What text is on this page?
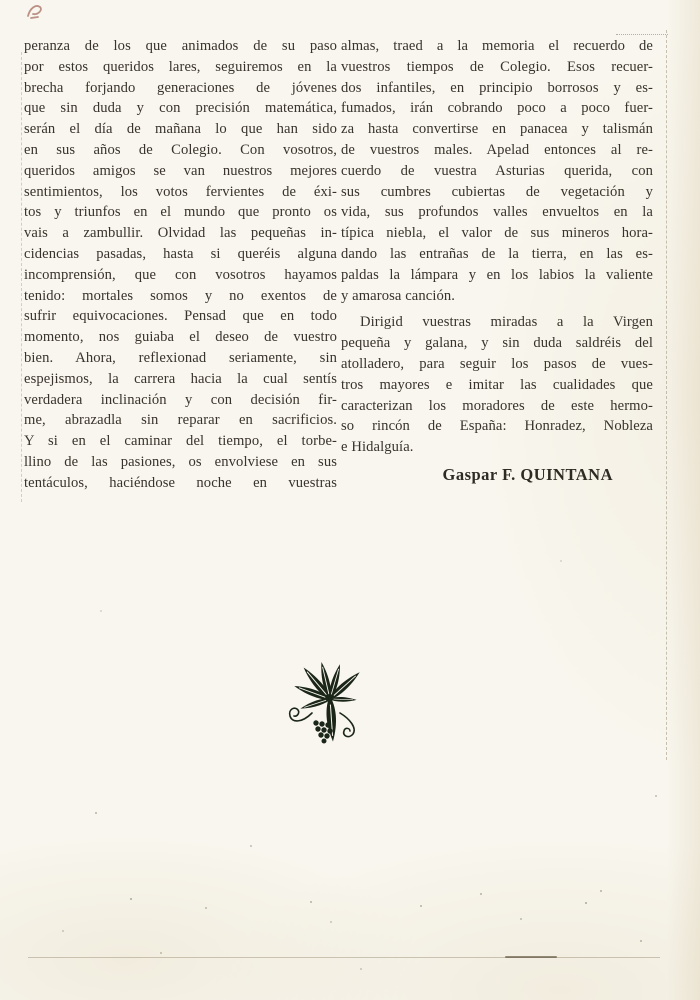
peranza de los que animados de su paso
por estos queridos lares, seguiremos en la
brecha forjando generaciones de jóvenes
que sin duda y con precisión matemática,
serán el día de mañana lo que han sido
en sus años de Colegio. Con vosotros,
queridos amigos se van nuestros mejores
sentimientos, los votos fervientes de éxi-
tos y triunfos en el mundo que pronto os
vais a zambullir. Olvidad las pequeñas in-
cidencias pasadas, hasta si queréis alguna
incomprensión, que con vosotros hayamos
tenido: mortales somos y no exentos de
sufrir equivocaciones. Pensad que en todo
momento, nos guiaba el deseo de vuestro
bien. Ahora, reflexionad seriamente, sin
espejismos, la carrera hacia la cual sentís
verdadera inclinación y con decisión fir-
me, abrazadla sin reparar en sacrificios.
Y si en el caminar del tiempo, el torbe-
llino de las pasiones, os envolviese en sus
tentáculos, haciéndose noche en vuestras
almas, traed a la memoria el recuerdo de
vuestros tiempos de Colegio. Esos recuer-
dos infantiles, en principio borrosos y es-
fumados, irán cobrando poco a poco fuer-
za hasta convertirse en panacea y talismán
de vuestros males. Apelad entonces al re-
cuerdo de vuestra Asturias querida, con
sus cumbres cubiertas de vegetación y
vida, sus profundos valles envueltos en la
típica niebla, el valor de sus mineros hora-
dando las entrañas de la tierra, en las es-
paldas la lámpara y en los labios la valiente
y amarosa canción.
Dirigid vuestras miradas a la Virgen
pequeña y galana, y sin duda saldréis del
atolladero, para seguir los pasos de vues-
tros mayores e imitar las cualidades que
caracterizan los moradores de este hermo-
so rincón de España: Honradez, Nobleza
e Hidalguía.
Gaspar F. QUINTANA
